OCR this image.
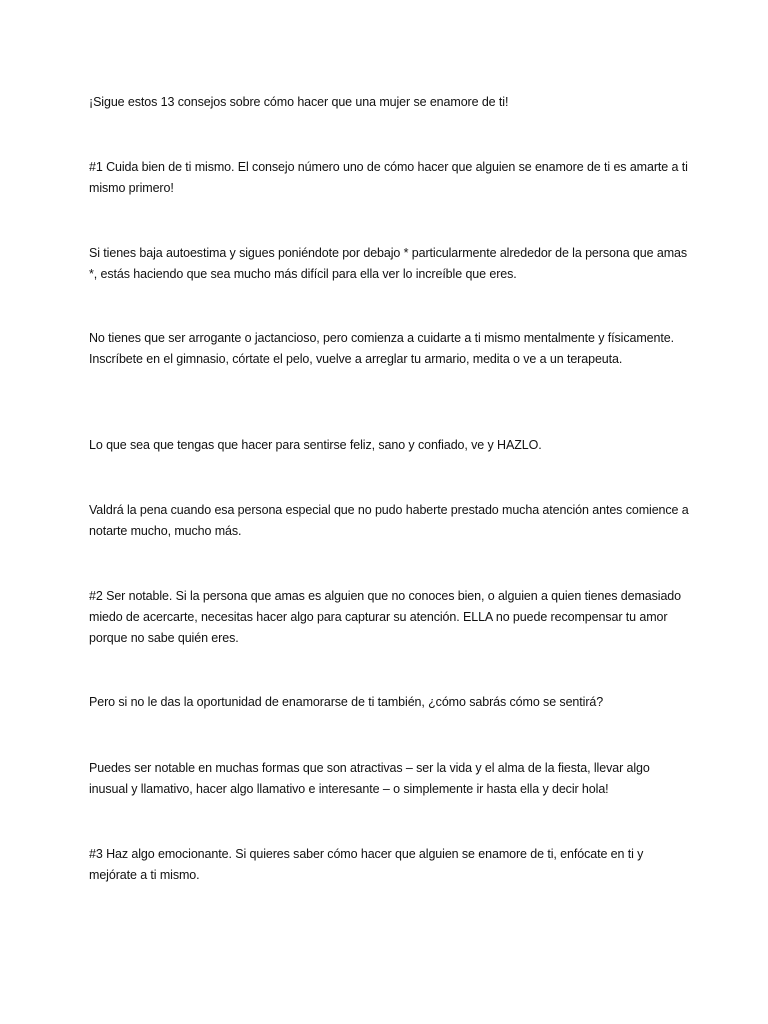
¡Sigue estos 13 consejos sobre cómo hacer que una mujer se enamore de ti!

#1 Cuida bien de ti mismo. El consejo número uno de cómo hacer que alguien se enamore de ti es amarte a ti mismo primero!

Si tienes baja autoestima y sigues poniéndote por debajo * particularmente alrededor de la persona que amas *, estás haciendo que sea mucho más difícil para ella ver lo increíble que eres.

No tienes que ser arrogante o jactancioso, pero comienza a cuidarte a ti mismo mentalmente y físicamente. Inscríbete en el gimnasio, córtate el pelo, vuelve a arreglar tu armario, medita o ve a un terapeuta.

Lo que sea que tengas que hacer para sentirse feliz, sano y confiado, ve y HAZLO.

Valdrá la pena cuando esa persona especial que no pudo haberte prestado mucha atención antes comience a notarte mucho, mucho más.

#2 Ser notable. Si la persona que amas es alguien que no conoces bien, o alguien a quien tienes demasiado miedo de acercarte, necesitas hacer algo para capturar su atención. ELLA no puede recompensar tu amor porque no sabe quién eres.

Pero si no le das la oportunidad de enamorarse de ti también, ¿cómo sabrás cómo se sentirá?

Puedes ser notable en muchas formas que son atractivas – ser la vida y el alma de la fiesta, llevar algo inusual y llamativo, hacer algo llamativo e interesante – o simplemente ir hasta ella y decir hola!

#3 Haz algo emocionante. Si quieres saber cómo hacer que alguien se enamore de ti, enfócate en ti y mejórate a ti mismo.
